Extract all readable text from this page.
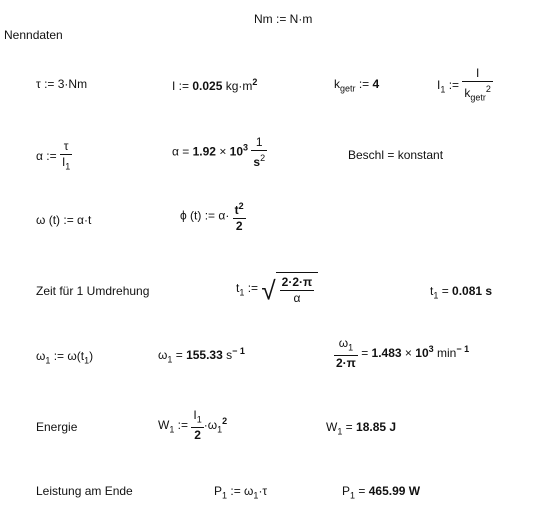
Nm := N·m
Nenndaten
τ := 3·Nm	I := 0.025 $kg\cdot m^2$	$k_{getr}$ := 4	$I_1$ := $\frac{I}{k_{getr}^2}$
α := $\frac{\tau}{I_1}$	$\alpha = 1.92 \times 10^3 \frac{1}{s^2}$	Beschl = konstant
ω (t) := α·t	ϕ (t) := $\alpha\cdot \frac{t^2}{2}$
Zeit für 1 Umdrehung	$t_1$ := √ $\frac{2\cdot 2\cdot\pi}{\alpha}$	$t_1 = 0.081$ s
$\omega_1$ := $\omega(t_1)$	$\omega_1 = 155.33$ $s^{- 1}$	$\frac{\omega_1}{2\cdot\pi} = 1.483 \times 10^3$ $\min^{- 1}$
Energie	$W_1$ := $\frac{I_1}{2} \cdot\omega_1^2$	$W_1 = 18.85$ J
Leistung am Ende	$P_1$ := $\omega_1\cdot\tau$	$P_1 = 465.99$ W
